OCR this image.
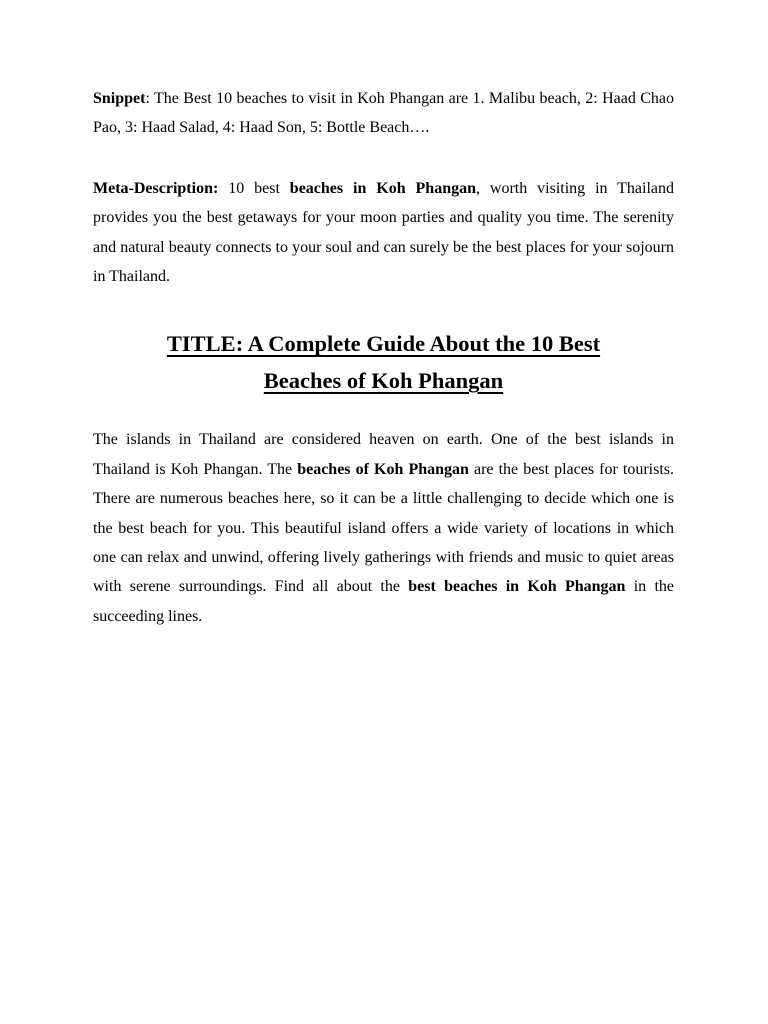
Snippet: The Best 10 beaches to visit in Koh Phangan are 1. Malibu beach, 2: Haad Chao Pao, 3: Haad Salad, 4: Haad Son, 5: Bottle Beach….

Meta-Description: 10 best beaches in Koh Phangan, worth visiting in Thailand provides you the best getaways for your moon parties and quality you time. The serenity and natural beauty connects to your soul and can surely be the best places for your sojourn in Thailand.

TITLE: A Complete Guide About the 10 Best
Beaches of Koh Phangan

The islands in Thailand are considered heaven on earth. One of the best islands in Thailand is Koh Phangan. The beaches of Koh Phangan are the best places for tourists. There are numerous beaches here, so it can be a little challenging to decide which one is the best beach for you. This beautiful island offers a wide variety of locations in which one can relax and unwind, offering lively gatherings with friends and music to quiet areas with serene surroundings. Find all about the best beaches in Koh Phangan in the succeeding lines.
